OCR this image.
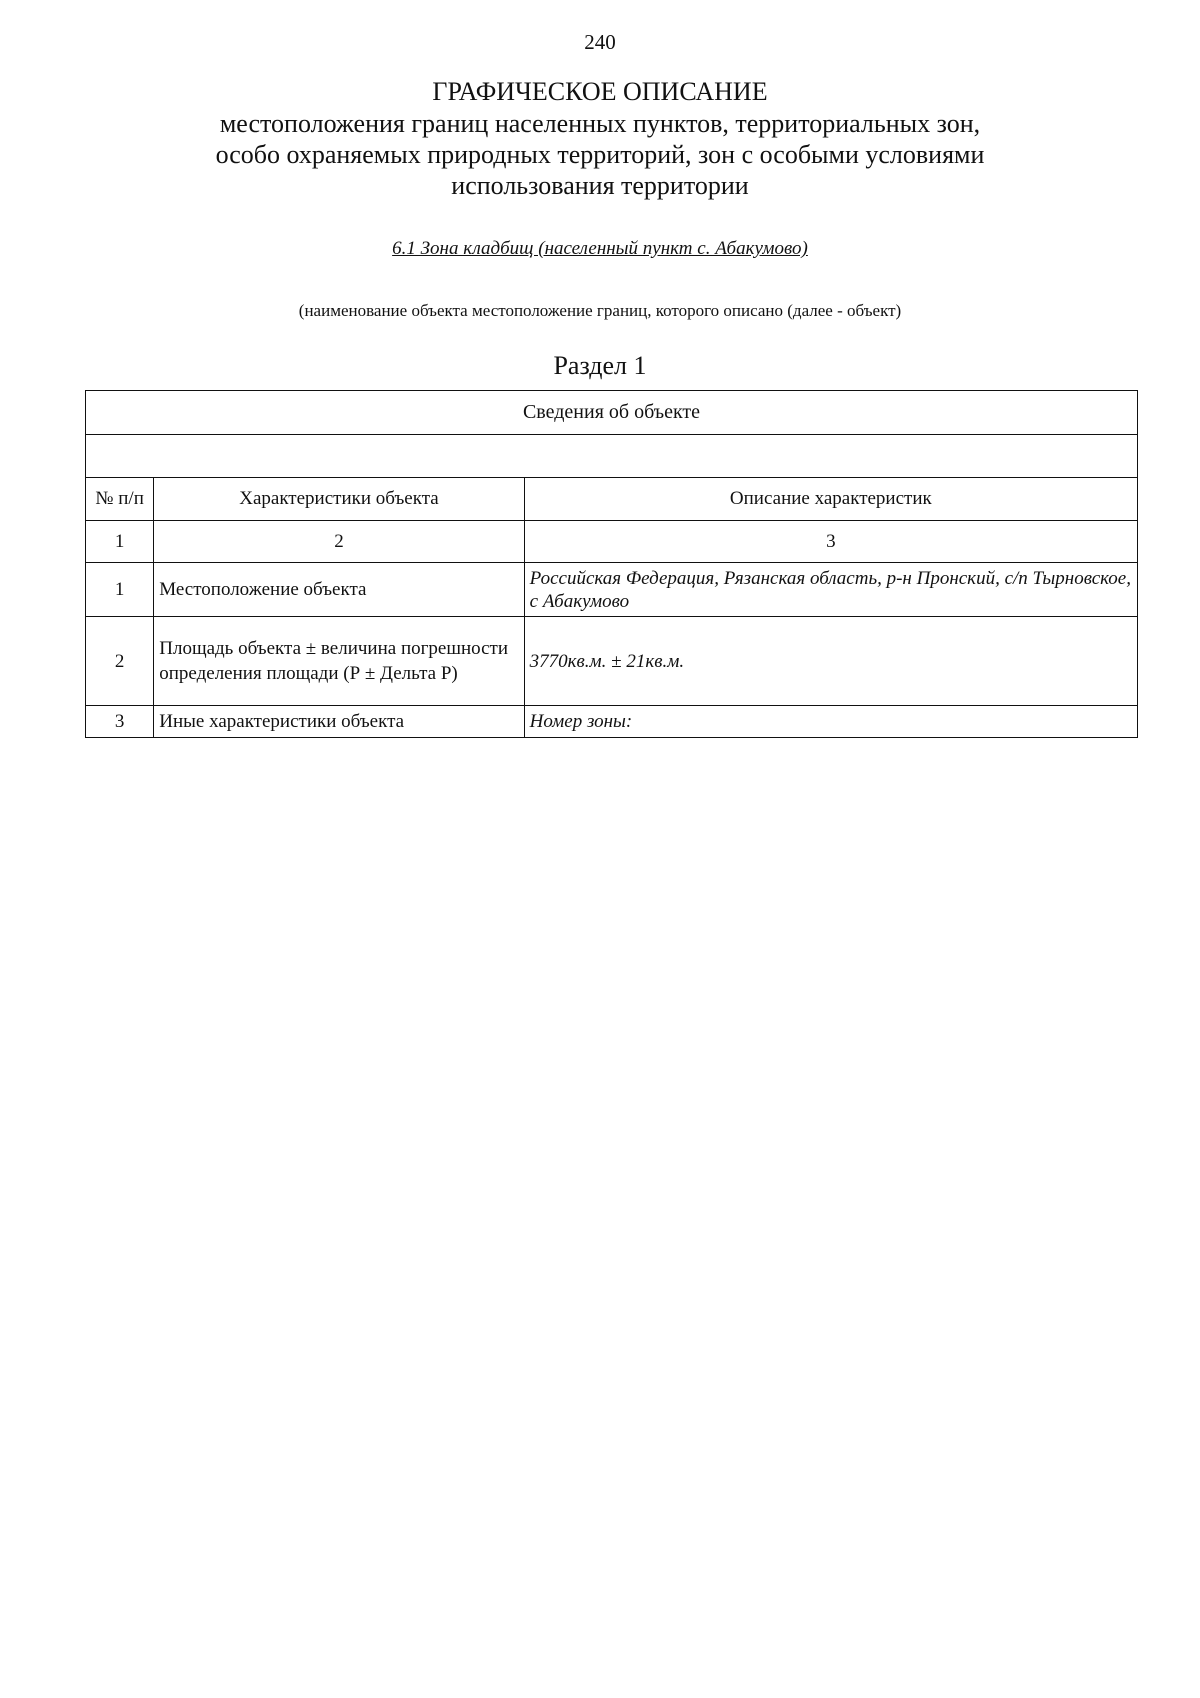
240
ГРАФИЧЕСКОЕ ОПИСАНИЕ
местоположения границ населенных пунктов, территориальных зон, особо охраняемых природных территорий, зон с особыми условиями использования территории
6.1 Зона кладбищ (населенный пункт с. Абакумово)
(наименование объекта местоположение границ, которого описано (далее - объект)
Раздел 1
Сведения об объекте		

№ п/п	Характеристики объекта	Описание характеристик
1	2	3
1	Местоположение объекта	Российская Федерация, Рязанская область, р-н Пронский, с/п Тырновское, с Абакумово
2	Площадь объекта ± величина погрешности определения площади (Р ± Дельта Р)	3770кв.м. ± 21кв.м.
3	Иные характеристики объекта	Номер зоны:
